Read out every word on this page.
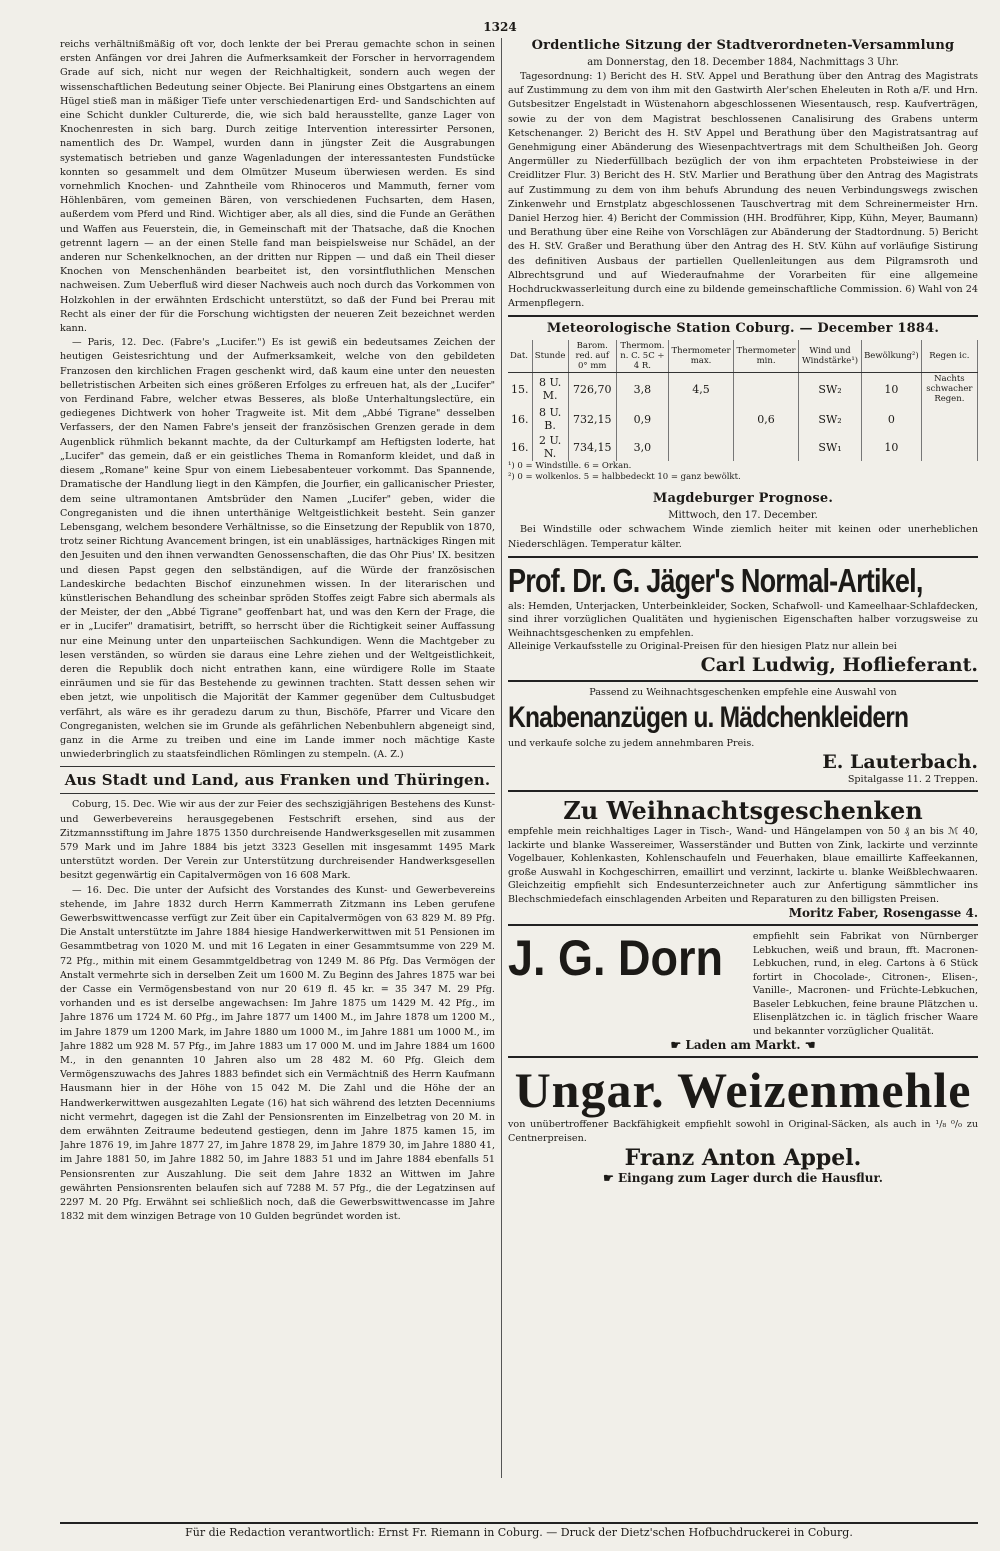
1324

reichs verhältnißmäßig oft vor, doch lenkte der bei Prerau gemachte schon in seinen ersten Anfängen vor drei Jahren die Aufmerksamkeit der Forscher in hervorragendem Grade auf sich, nicht nur wegen der Reichhaltigkeit, sondern auch wegen der wissenschaftlichen Bedeutung seiner Objecte. Bei Planirung eines Obstgartens an einem Hügel stieß man in mäßiger Tiefe unter verschiedenartigen Erd- und Sandschichten auf eine Schicht dunkler Culturerde, die, wie sich bald herausstellte, ganze Lager von Knochenresten in sich barg. Durch zeitige Intervention interessirter Personen, namentlich des Dr. Wampel, wurden dann in jüngster Zeit die Ausgrabungen systematisch betrieben und ganze Wagenladungen der interessantesten Fundstücke konnten so gesammelt und dem Olmützer Museum überwiesen werden. Es sind vornehmlich Knochen- und Zahntheile vom Rhinoceros und Mammuth, ferner vom Höhlenbären, vom gemeinen Bären, von verschiedenen Fuchsarten, dem Hasen, außerdem vom Pferd und Rind. Wichtiger aber, als all dies, sind die Funde an Geräthen und Waffen aus Feuerstein, die, in Gemeinschaft mit der Thatsache, daß die Knochen getrennt lagern — an der einen Stelle fand man beispielsweise nur Schädel, an der anderen nur Schenkelknochen, an der dritten nur Rippen — und daß ein Theil dieser Knochen von Menschenhänden bearbeitet ist, den vorsintfluthlichen Menschen nachweisen. Zum Ueberfluß wird dieser Nachweis auch noch durch das Vorkommen von Holzkohlen in der erwähnten Erdschicht unterstützt, so daß der Fund bei Prerau mit Recht als einer der für die Forschung wichtigsten der neueren Zeit bezeichnet werden kann.

— Paris, 12. Dec. (Fabre's „Lucifer.") Es ist gewiß ein bedeutsames Zeichen der heutigen Geistesrichtung und der Aufmerksamkeit, welche von den gebildeten Franzosen den kirchlichen Fragen geschenkt wird, daß kaum eine unter den neuesten belletristischen Arbeiten sich eines größeren Erfolges zu erfreuen hat, als der „Lucifer" von Ferdinand Fabre, welcher etwas Besseres, als bloße Unterhaltungslectüre, ein gediegenes Dichtwerk von hoher Tragweite ist. Mit dem „Abbé Tigrane" desselben Verfassers, der den Namen Fabre's jenseit der französischen Grenzen gerade in dem Augenblick rühmlich bekannt machte, da der Culturkampf am Heftigsten loderte, hat „Lucifer" das gemein, daß er ein geistliches Thema in Romanform kleidet, und daß in diesem „Romane" keine Spur von einem Liebesabenteuer vorkommt. Das Spannende, Dramatische der Handlung liegt in den Kämpfen, die Jourfier, ein gallicanischer Priester, dem seine ultramontanen Amtsbrüder den Namen „Lucifer" geben, wider die Congreganisten und die ihnen unterthänige Weltgeistlichkeit besteht. Sein ganzer Lebensgang, welchem besondere Verhältnisse, so die Einsetzung der Republik von 1870, trotz seiner Richtung Avancement bringen, ist ein unablässiges, hartnäckiges Ringen mit den Jesuiten und den ihnen verwandten Genossenschaften, die das Ohr Pius' IX. besitzen und diesen Papst gegen den selbständigen, auf die Würde der französischen Landeskirche bedachten Bischof einzunehmen wissen. In der literarischen und künstlerischen Behandlung des scheinbar spröden Stoffes zeigt Fabre sich abermals als der Meister, der den „Abbé Tigrane" geoffenbart hat, und was den Kern der Frage, die er in „Lucifer" dramatisirt, betrifft, so herrscht über die Richtigkeit seiner Auffassung nur eine Meinung unter den unparteiischen Sachkundigen. Wenn die Machtgeber zu lesen verständen, so würden sie daraus eine Lehre ziehen und der Weltgeistlichkeit, deren die Republik doch nicht entrathen kann, eine würdigere Rolle im Staate einräumen und sie für das Bestehende zu gewinnen trachten. Statt dessen sehen wir eben jetzt, wie unpolitisch die Majorität der Kammer gegenüber dem Cultusbudget verfährt, als wäre es ihr geradezu darum zu thun, Bischöfe, Pfarrer und Vicare den Congreganisten, welchen sie im Grunde als gefährlichen Nebenbuhlern abgeneigt sind, ganz in die Arme zu treiben und eine im Lande immer noch mächtige Kaste unwiederbringlich zu staatsfeindlichen Römlingen zu stempeln. (A. Z.)

Aus Stadt und Land, aus Franken und Thüringen.

Coburg, 15. Dec. Wie wir aus der zur Feier des sechszigjährigen Bestehens des Kunst- und Gewerbevereins herausgegebenen Festschrift ersehen, sind aus der Zitzmannsstiftung im Jahre 1875 1350 durchreisende Handwerksgesellen mit zusammen 579 Mark und im Jahre 1884 bis jetzt 3323 Gesellen mit insgesammt 1495 Mark unterstützt worden. Der Verein zur Unterstützung durchreisender Handwerksgesellen besitzt gegenwärtig ein Capitalvermögen von 16 608 Mark.

— 16. Dec. Die unter der Aufsicht des Vorstandes des Kunst- und Gewerbevereins stehende, im Jahre 1832 durch Herrn Kammerrath Zitzmann ins Leben gerufene Gewerbswittwencasse verfügt zur Zeit über ein Capitalvermögen von 63 829 M. 89 Pfg. Die Anstalt unterstützte im Jahre 1884 hiesige Handwerkerwittwen mit 51 Pensionen im Gesammtbetrag von 1020 M. und mit 16 Legaten in einer Gesammtsumme von 229 M. 72 Pfg., mithin mit einem Gesammtgeldbetrag von 1249 M. 86 Pfg. Das Vermögen der Anstalt vermehrte sich in derselben Zeit um 1600 M. Zu Beginn des Jahres 1875 war bei der Casse ein Vermögensbestand von nur 20 619 fl. 45 kr. = 35 347 M. 29 Pfg. vorhanden und es ist derselbe angewachsen: Im Jahre 1875 um 1429 M. 42 Pfg., im Jahre 1876 um 1724 M. 60 Pfg., im Jahre 1877 um 1400 M., im Jahre 1878 um 1200 M., im Jahre 1879 um 1200 Mark, im Jahre 1880 um 1000 M., im Jahre 1881 um 1000 M., im Jahre 1882 um 928 M. 57 Pfg., im Jahre 1883 um 17 000 M. und im Jahre 1884 um 1600 M., in den genannten 10 Jahren also um 28 482 M. 60 Pfg. Gleich dem Vermögenszuwachs des Jahres 1883 befindet sich ein Vermächtniß des Herrn Kaufmann Hausmann hier in der Höhe von 15 042 M. Die Zahl und die Höhe der an Handwerkerwittwen ausgezahlten Legate (16) hat sich während des letzten Decenniums nicht vermehrt, dagegen ist die Zahl der Pensionsrenten im Einzelbetrag von 20 M. in dem erwähnten Zeitraume bedeutend gestiegen, denn im Jahre 1875 kamen 15, im Jahre 1876 19, im Jahre 1877 27, im Jahre 1878 29, im Jahre 1879 30, im Jahre 1880 41, im Jahre 1881 50, im Jahre 1882 50, im Jahre 1883 51 und im Jahre 1884 ebenfalls 51 Pensionsrenten zur Auszahlung. Die seit dem Jahre 1832 an Wittwen im Jahre gewährten Pensionsrenten belaufen sich auf 7288 M. 57 Pfg., die der Legatzinsen auf 2297 M. 20 Pfg. Erwähnt sei schließlich noch, daß die Gewerbswittwencasse im Jahre 1832 mit dem winzigen Betrage von 10 Gulden begründet worden ist.

Ordentliche Sitzung der Stadtverordneten-Versammlung
am Donnerstag, den 18. December 1884, Nachmittags 3 Uhr.

Tagesordnung: 1) Bericht des H. StV. Appel und Berathung über den Antrag des Magistrats auf Zustimmung zu dem von ihm mit den Gastwirth Aler'schen Eheleuten in Roth a/F. und Hrn. Gutsbesitzer Engelstadt in Wüstenahorn abgeschlossenen Wiesentausch, resp. Kaufverträgen, sowie zu der von dem Magistrat beschlossenen Canalisirung des Grabens unterm Ketschenanger. 2) Bericht des H. StV Appel und Berathung über den Magistratsantrag auf Genehmigung einer Abänderung des Wiesenpachtvertrags mit dem Schultheißen Joh. Georg Angermüller zu Niederfüllbach bezüglich der von ihm erpachteten Probsteiwiese in der Creidlitzer Flur. 3) Bericht des H. StV. Marlier und Berathung über den Antrag des Magistrats auf Zustimmung zu dem von ihm behufs Abrundung des neuen Verbindungswegs zwischen Zinkenwehr und Ernstplatz abgeschlossenen Tauschvertrag mit dem Schreinermeister Hrn. Daniel Herzog hier. 4) Bericht der Commission (HH. Brodführer, Kipp, Kühn, Meyer, Baumann) und Berathung über eine Reihe von Vorschlägen zur Abänderung der Stadtordnung. 5) Bericht des H. StV. Graßer und Berathung über den Antrag des H. StV. Kühn auf vorläufige Sistirung des definitiven Ausbaus der partiellen Quellenleitungen aus dem Pilgramsroth und Albrechtsgrund und auf Wiederaufnahme der Vorarbeiten für eine allgemeine Hochdruckwasserleitung durch eine zu bildende gemeinschaftliche Commission. 6) Wahl von 24 Armenpflegern.

Meteorologische Station Coburg. — December 1884.
Dat.	Stunde	Barom. red. auf 0° mm	Thermom. n. C. 5C ÷ 4 R.	Thermometer max.	Thermometer min.	Wind und Windstärke¹)	Bewölkung²)	Regen ic.
15.	8 U. M.	726,70	3,8	4,5		SW₂	10	Nachts schwacher Regen.
16.	8 U. B.	732,15	0,9		0,6	SW₂	0	
16.	2 U. N.	734,15	3,0			SW₁	10	
¹) 0 = Windstille. 6 = Orkan.
²) 0 = wolkenlos. 5 = halbbedeckt 10 = ganz bewölkt.
Magdeburger Prognose.
Mittwoch, den 17. December.

Bei Windstille oder schwachem Winde ziemlich heiter mit keinen oder unerheblichen Niederschlägen. Temperatur kälter.

Prof. Dr. G. Jäger's Normal-Artikel,
als: Hemden, Unterjacken, Unterbeinkleider, Socken, Schafwoll- und Kameelhaar-Schlafdecken, sind ihrer vorzüglichen Qualitäten und hygienischen Eigenschaften halber vorzugsweise zu Weihnachtsgeschenken zu empfehlen.
Alleinige Verkaufsstelle zu Original-Preisen für den hiesigen Platz nur allein bei
Carl Ludwig, Hoflieferant.
Passend zu Weihnachtsgeschenken empfehle eine Auswahl von
Knabenanzügen u. Mädchenkleidern
und verkaufe solche zu jedem annehmbaren Preis.
E. Lauterbach.
Spitalgasse 11. 2 Treppen.
Zu Weihnachtsgeschenken
empfehle mein reichhaltiges Lager in Tisch-, Wand- und Hängelampen von 50 ₰ an bis ℳ 40, lackirte und blanke Wassereimer, Wasserständer und Butten von Zink, lackirte und verzinnte Vogelbauer, Kohlenkasten, Kohlenschaufeln und Feuerhaken, blaue emaillirte Kaffeekannen, große Auswahl in Kochgeschirren, emaillirt und verzinnt, lackirte u. blanke Weißblechwaaren. Gleichzeitig empfiehlt sich Endesunterzeichneter auch zur Anfertigung sämmtlicher ins Blechschmiedefach einschlagenden Arbeiten und Reparaturen zu den billigsten Preisen.
Moritz Faber, Rosengasse 4.
J. G. Dorn	empfiehlt sein Fabrikat von Nürnberger Lebkuchen, weiß und braun, fft. Macronen-Lebkuchen, rund, in eleg. Cartons à 6 Stück fortirt in Chocolade-, Citronen-, Elisen-, Vanille-, Macronen- und Früchte-Lebkuchen, Baseler Lebkuchen, feine braune Plätzchen u. Elisenplätzchen ic. in täglich frischer Waare und bekannter vorzüglicher Qualität.
☛ Laden am Markt. ☚
Ungar. Weizenmehle
von unübertroffener Backfähigkeit empfiehlt sowohl in Original-Säcken, als auch in ¹/₈ ⁰/₀ zu Centnerpreisen.
Franz Anton Appel.
☛ Eingang zum Lager durch die Hausflur.
Für die Redaction verantwortlich: Ernst Fr. Riemann in Coburg. — Druck der Dietz'schen Hofbuchdruckerei in Coburg.
